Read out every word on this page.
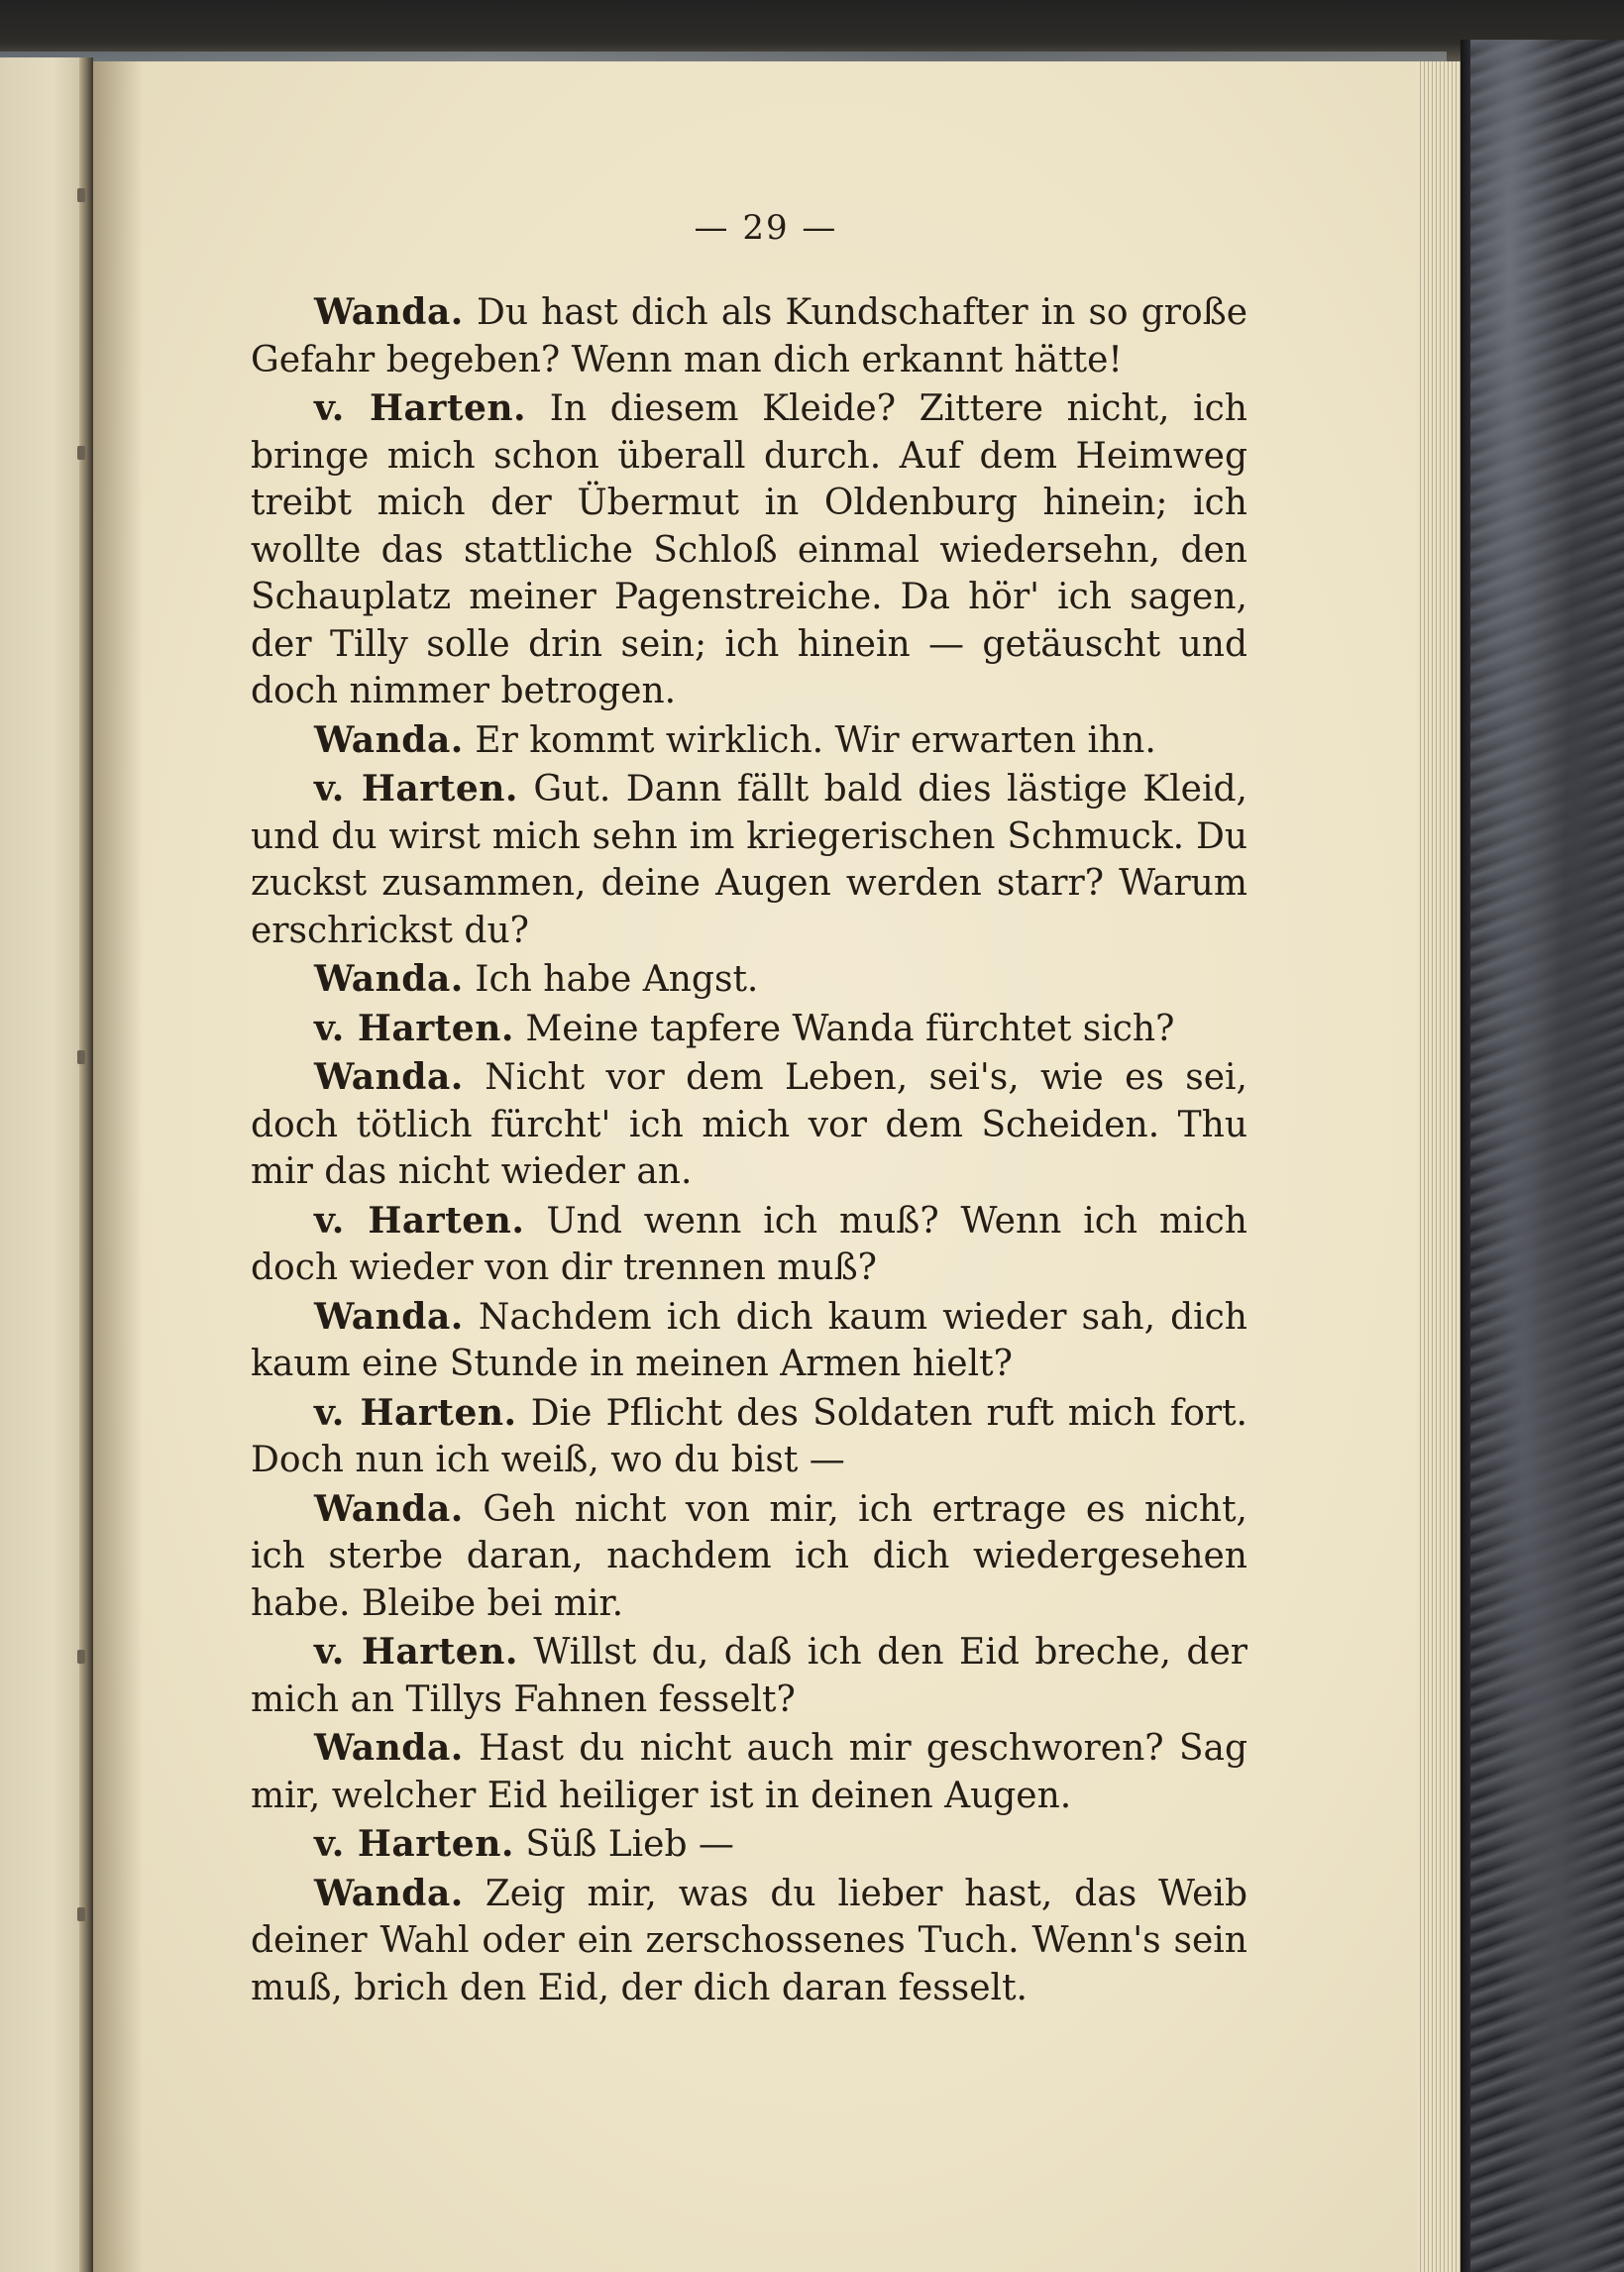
— 29 —

Wanda. Du hast dich als Kundschafter in so große Gefahr begeben? Wenn man dich erkannt hätte!

v. Harten. In diesem Kleide? Zittere nicht, ich bringe mich schon überall durch. Auf dem Heimweg treibt mich der Übermut in Oldenburg hinein; ich wollte das stattliche Schloß einmal wiedersehn, den Schauplatz meiner Pagenstreiche. Da hör' ich sagen, der Tilly solle drin sein; ich hinein — getäuscht und doch nimmer betrogen.

Wanda. Er kommt wirklich. Wir erwarten ihn.

v. Harten. Gut. Dann fällt bald dies lästige Kleid, und du wirst mich sehn im kriegerischen Schmuck. Du zuckst zusammen, deine Augen werden starr? Warum erschrickst du?

Wanda. Ich habe Angst.

v. Harten. Meine tapfere Wanda fürchtet sich?

Wanda. Nicht vor dem Leben, sei's, wie es sei, doch tötlich fürcht' ich mich vor dem Scheiden. Thu mir das nicht wieder an.

v. Harten. Und wenn ich muß? Wenn ich mich doch wieder von dir trennen muß?

Wanda. Nachdem ich dich kaum wieder sah, dich kaum eine Stunde in meinen Armen hielt?

v. Harten. Die Pflicht des Soldaten ruft mich fort. Doch nun ich weiß, wo du bist —

Wanda. Geh nicht von mir, ich ertrage es nicht, ich sterbe daran, nachdem ich dich wiedergesehen habe. Bleibe bei mir.

v. Harten. Willst du, daß ich den Eid breche, der mich an Tillys Fahnen fesselt?

Wanda. Hast du nicht auch mir geschworen? Sag mir, welcher Eid heiliger ist in deinen Augen.

v. Harten. Süß Lieb —

Wanda. Zeig mir, was du lieber hast, das Weib deiner Wahl oder ein zerschossenes Tuch. Wenn's sein muß, brich den Eid, der dich daran fesselt.
